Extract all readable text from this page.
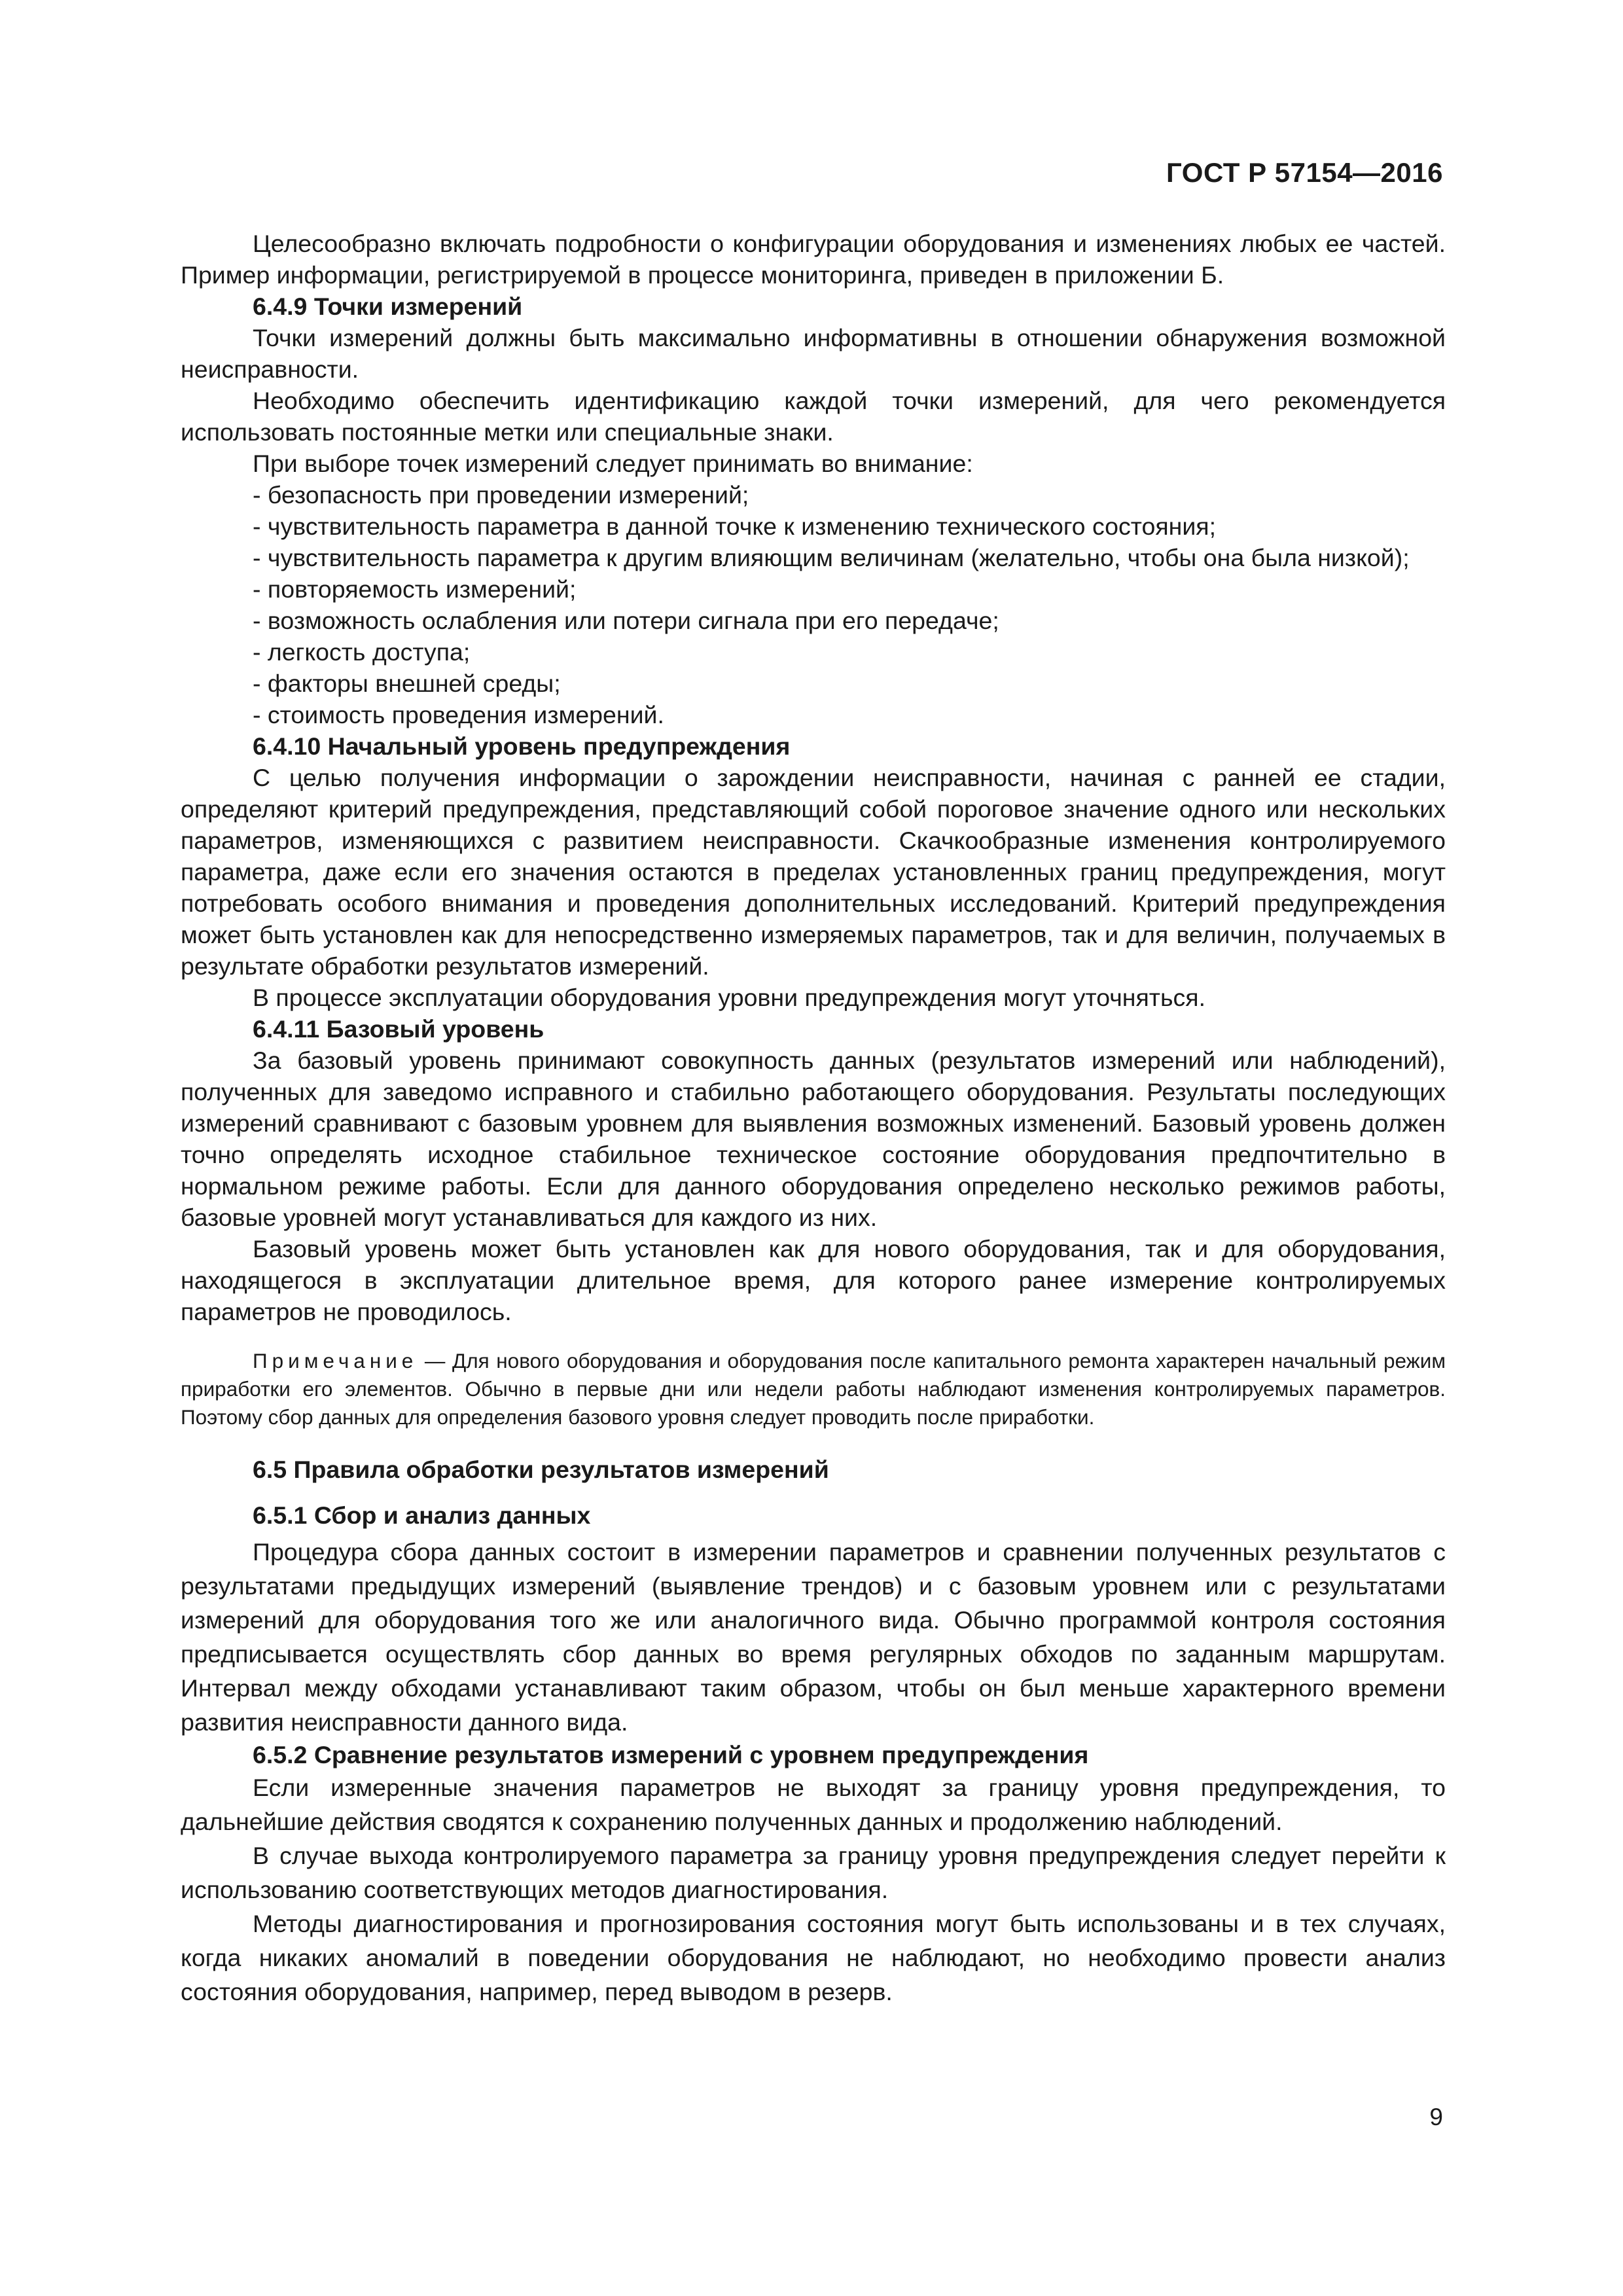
ГОСТ Р 57154—2016

Целесообразно включать подробности о конфигурации оборудования и изменениях любых ее частей. Пример информации, регистрируемой в процессе мониторинга, приведен в приложении Б.

6.4.9 Точки измерений

Точки измерений должны быть максимально информативны в отношении обнаружения возможной неисправности.

Необходимо обеспечить идентификацию каждой точки измерений, для чего рекомендуется использовать постоянные метки или специальные знаки.

При выборе точек измерений следует принимать во внимание:

- безопасность при проведении измерений;

- чувствительность параметра в данной точке к изменению технического состояния;

- чувствительность параметра к другим влияющим величинам (желательно, чтобы она была низкой);

- повторяемость измерений;

- возможность ослабления или потери сигнала при его передаче;

- легкость доступа;

- факторы внешней среды;

- стоимость проведения измерений.

6.4.10 Начальный уровень предупреждения

С целью получения информации о зарождении неисправности, начиная с ранней ее стадии, определяют критерий предупреждения, представляющий собой пороговое значение одного или нескольких параметров, изменяющихся с развитием неисправности. Скачкообразные изменения контролируемого параметра, даже если его значения остаются в пределах установленных границ предупреждения, могут потребовать особого внимания и проведения дополнительных исследований. Критерий предупреждения может быть установлен как для непосредственно измеряемых параметров, так и для величин, получаемых в результате обработки результатов измерений.

В процессе эксплуатации оборудования уровни предупреждения могут уточняться.

6.4.11 Базовый уровень

За базовый уровень принимают совокупность данных (результатов измерений или наблюдений), полученных для заведомо исправного и стабильно работающего оборудования. Результаты последующих измерений сравнивают с базовым уровнем для выявления возможных изменений. Базовый уровень должен точно определять исходное стабильное техническое состояние оборудования предпочтительно в нормальном режиме работы. Если для данного оборудования определено несколько режимов работы, базовые уровней могут устанавливаться для каждого из них.

Базовый уровень может быть установлен как для нового оборудования, так и для оборудования, находящегося в эксплуатации длительное время, для которого ранее измерение контролируемых параметров не проводилось.

Примечание — Для нового оборудования и оборудования после капитального ремонта характерен начальный режим приработки его элементов. Обычно в первые дни или недели работы наблюдают изменения контролируемых параметров. Поэтому сбор данных для определения базового уровня следует проводить после приработки.

6.5 Правила обработки результатов измерений

6.5.1 Сбор и анализ данных

Процедура сбора данных состоит в измерении параметров и сравнении полученных результатов с результатами предыдущих измерений (выявление трендов) и с базовым уровнем или с результатами измерений для оборудования того же или аналогичного вида. Обычно программой контроля состояния предписывается осуществлять сбор данных во время регулярных обходов по заданным маршрутам. Интервал между обходами устанавливают таким образом, чтобы он был меньше характерного времени развития неисправности данного вида.

6.5.2 Сравнение результатов измерений с уровнем предупреждения

Если измеренные значения параметров не выходят за границу уровня предупреждения, то дальнейшие действия сводятся к сохранению полученных данных и продолжению наблюдений.

В случае выхода контролируемого параметра за границу уровня предупреждения следует перейти к использованию соответствующих методов диагностирования.

Методы диагностирования и прогнозирования состояния могут быть использованы и в тех случаях, когда никаких аномалий в поведении оборудования не наблюдают, но необходимо провести анализ состояния оборудования, например, перед выводом в резерв.

9
